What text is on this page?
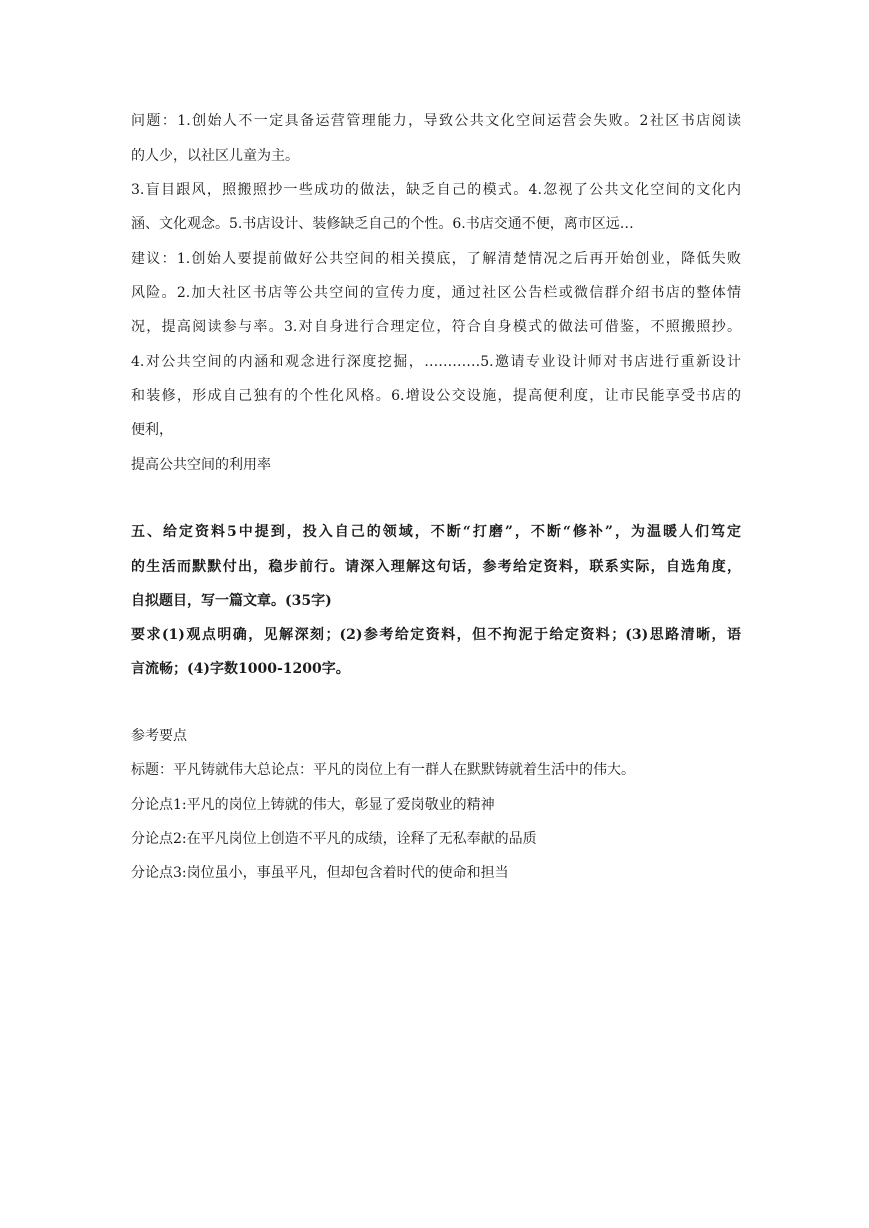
问题：1.创始人不一定具备运营管理能力，导致公共文化空间运营会失败。2社区书店阅读
的人少，以社区儿童为主。
3.盲目跟风，照搬照抄一些成功的做法，缺乏自己的模式。4.忽视了公共文化空间的文化内
涵、文化观念。5.书店设计、装修缺乏自己的个性。6.书店交通不便，离市区远…
建议：1.创始人要提前做好公共空间的相关摸底，了解清楚情况之后再开始创业，降低失败
风险。2.加大社区书店等公共空间的宣传力度，通过社区公告栏或微信群介绍书店的整体情
况，提高阅读参与率。3.对自身进行合理定位，符合自身模式的做法可借鉴，不照搬照抄。
4.对公共空间的内涵和观念进行深度挖掘，…………5.邀请专业设计师对书店进行重新设计
和装修，形成自己独有的个性化风格。6.增设公交设施，提高便利度，让市民能享受书店的
便利，
提高公共空间的利用率
五、给定资料5中提到，投入自己的领域，不断“打磨”，不断“修补”，为温暖人们笃定
的生活而默默付出，稳步前行。请深入理解这句话，参考给定资料，联系实际，自选角度，
自拟题目，写一篇文章。(35字)
要求(1)观点明确，见解深刻；(2)参考给定资料，但不拘泥于给定资料；(3)思路清晰，语
言流畅；(4)字数1000-1200字。
参考要点
标题：平凡铸就伟大总论点：平凡的岗位上有一群人在默默铸就着生活中的伟大。
分论点1:平凡的岗位上铸就的伟大，彰显了爱岗敬业的精神
分论点2:在平凡岗位上创造不平凡的成绩，诠释了无私奉献的品质
分论点3:岗位虽小，事虽平凡，但却包含着时代的使命和担当
